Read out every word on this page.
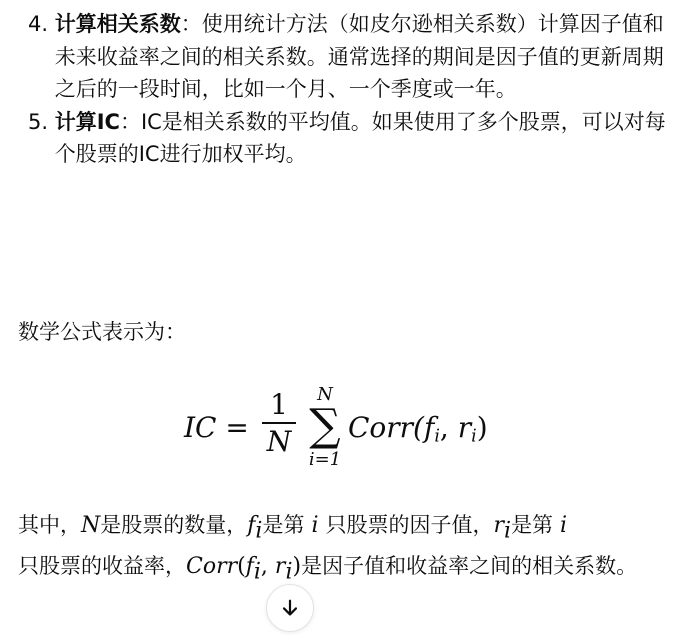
4. 计算相关系数：使用统计方法（如皮尔逊相关系数）计算因子值和未来收益率之间的相关系数。通常选择的期间是因子值的更新周期之后的一段时间，比如一个月、一个季度或一年。
5. 计算IC：IC是相关系数的平均值。如果使用了多个股票，可以对每个股票的IC进行加权平均。
数学公式表示为：
IC =
1
N
N
∑
i=1
$Corr(f_i$, $r_i$)
其中，N是股票的数量，$f_i$是第 i 只股票的因子值，$r_i$是第 i
只股票的收益率，$Corr(f_i$, $r_i$)是因子值和收益率之间的相关系数。
